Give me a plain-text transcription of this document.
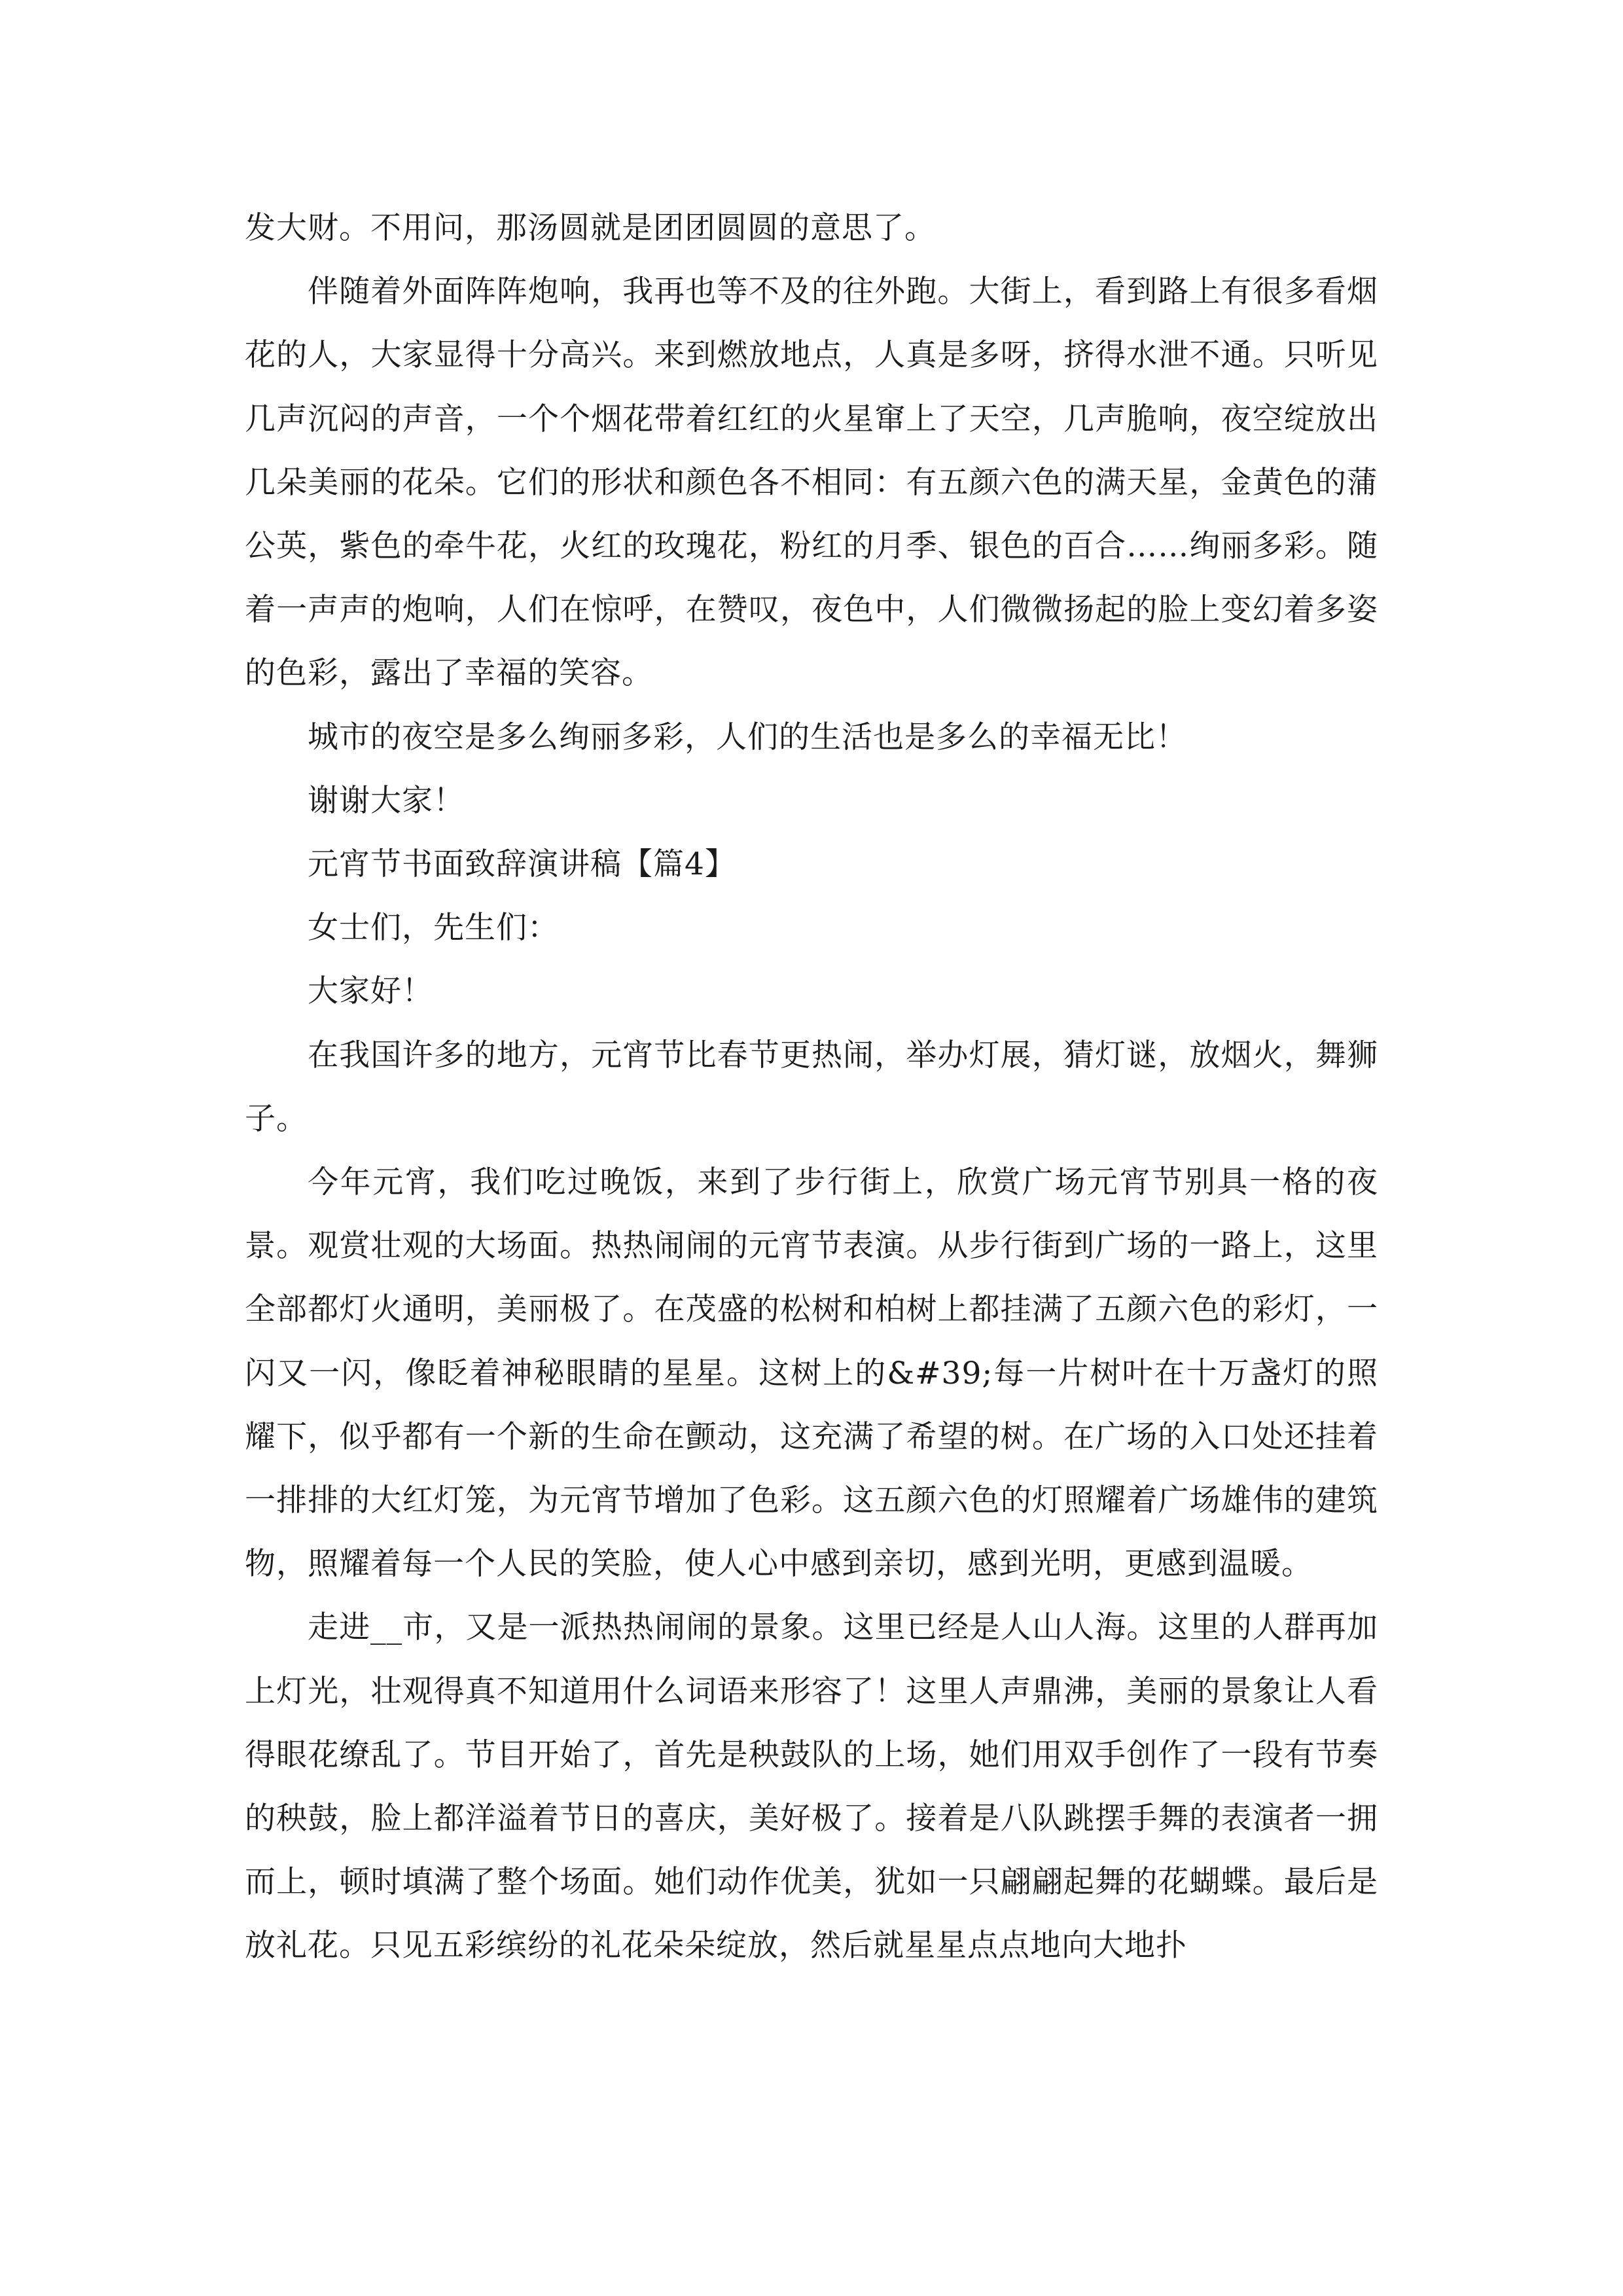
发大财。不用问，那汤圆就是团团圆圆的意思了。

伴随着外面阵阵炮响，我再也等不及的往外跑。大街上，看到路上有很多看烟花的人，大家显得十分高兴。来到燃放地点，人真是多呀，挤得水泄不通。只听见几声沉闷的声音，一个个烟花带着红红的火星窜上了天空，几声脆响，夜空绽放出几朵美丽的花朵。它们的形状和颜色各不相同：有五颜六色的满天星，金黄色的蒲公英，紫色的牵牛花，火红的玫瑰花，粉红的月季、银色的百合……绚丽多彩。随着一声声的炮响，人们在惊呼，在赞叹，夜色中，人们微微扬起的脸上变幻着多姿的色彩，露出了幸福的笑容。

城市的夜空是多么绚丽多彩，人们的生活也是多么的幸福无比！

谢谢大家！

元宵节书面致辞演讲稿【篇4】

女士们，先生们：

大家好！

在我国许多的地方，元宵节比春节更热闹，举办灯展，猜灯谜，放烟火，舞狮子。

今年元宵，我们吃过晚饭，来到了步行街上，欣赏广场元宵节别具一格的夜景。观赏壮观的大场面。热热闹闹的元宵节表演。从步行街到广场的一路上，这里全部都灯火通明，美丽极了。在茂盛的松树和柏树上都挂满了五颜六色的彩灯，一闪又一闪，像眨着神秘眼睛的星星。这树上的&#39;每一片树叶在十万盏灯的照耀下，似乎都有一个新的生命在颤动，这充满了希望的树。在广场的入口处还挂着一排排的大红灯笼，为元宵节增加了色彩。这五颜六色的灯照耀着广场雄伟的建筑物，照耀着每一个人民的笑脸，使人心中感到亲切，感到光明，更感到温暖。

走进__市，又是一派热热闹闹的景象。这里已经是人山人海。这里的人群再加上灯光，壮观得真不知道用什么词语来形容了！这里人声鼎沸，美丽的景象让人看得眼花缭乱了。节目开始了，首先是秧鼓队的上场，她们用双手创作了一段有节奏的秧鼓，脸上都洋溢着节日的喜庆，美好极了。接着是八队跳摆手舞的表演者一拥而上，顿时填满了整个场面。她们动作优美，犹如一只翩翩起舞的花蝴蝶。最后是放礼花。只见五彩缤纷的礼花朵朵绽放，然后就星星点点地向大地扑
